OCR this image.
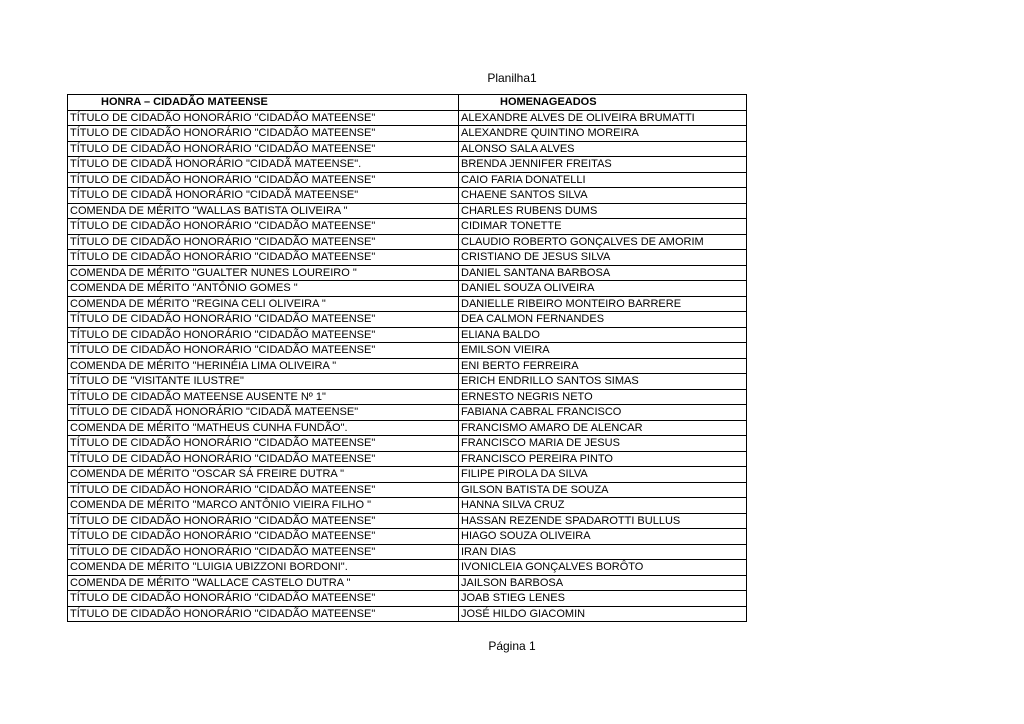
Planilha1
HONRA – CIDADÃO MATEENSE	HOMENAGEADOS
TÍTULO DE CIDADÃO HONORÁRIO "CIDADÃO MATEENSE"	ALEXANDRE ALVES DE OLIVEIRA BRUMATTI
TÍTULO DE CIDADÃO HONORÁRIO "CIDADÃO MATEENSE"	ALEXANDRE QUINTINO MOREIRA
TÍTULO DE CIDADÃO HONORÁRIO "CIDADÃO MATEENSE"	ALONSO SALA ALVES
TÍTULO DE CIDADÃ HONORÁRIO "CIDADÃ MATEENSE".	BRENDA JENNIFER FREITAS
TÍTULO DE CIDADÃO HONORÁRIO "CIDADÃO MATEENSE"	CAIO FARIA DONATELLI
TÍTULO DE CIDADÃ HONORÁRIO "CIDADÃ MATEENSE"	CHAENE SANTOS SILVA
COMENDA DE MÉRITO "WALLAS BATISTA OLIVEIRA "	CHARLES RUBENS DUMS
TÍTULO DE CIDADÃO HONORÁRIO "CIDADÃO MATEENSE"	CIDIMAR TONETTE
TÍTULO DE CIDADÃO HONORÁRIO "CIDADÃO MATEENSE"	CLAUDIO ROBERTO GONÇALVES DE AMORIM
TÍTULO DE CIDADÃO HONORÁRIO "CIDADÃO MATEENSE"	CRISTIANO DE JESUS SILVA
COMENDA DE MÉRITO "GUALTER NUNES LOUREIRO "	DANIEL SANTANA BARBOSA
COMENDA DE MÉRITO "ANTÔNIO GOMES "	DANIEL SOUZA OLIVEIRA
COMENDA DE MÉRITO "REGINA CELI OLIVEIRA "	DANIELLE RIBEIRO MONTEIRO BARRERE
TÍTULO DE CIDADÃO HONORÁRIO "CIDADÃO MATEENSE"	DEA CALMON FERNANDES
TÍTULO DE CIDADÃO HONORÁRIO "CIDADÃO MATEENSE"	ELIANA BALDO
TÍTULO DE CIDADÃO HONORÁRIO "CIDADÃO MATEENSE"	EMILSON VIEIRA
COMENDA DE MÉRITO "HERINÉIA LIMA OLIVEIRA "	ENI BERTO FERREIRA
TÍTULO DE "VISITANTE ILUSTRE"	ERICH ENDRILLO SANTOS SIMAS
TÍTULO DE CIDADÃO MATEENSE AUSENTE Nº 1"	ERNESTO NEGRIS NETO
TÍTULO DE CIDADÃ HONORÁRIO "CIDADÃ MATEENSE"	FABIANA CABRAL FRANCISCO
COMENDA DE MÉRITO "MATHEUS CUNHA FUNDÃO".	FRANCISMO AMARO DE ALENCAR
TÍTULO DE CIDADÃO HONORÁRIO "CIDADÃO MATEENSE"	FRANCISCO MARIA DE JESUS
TÍTULO DE CIDADÃO HONORÁRIO "CIDADÃO MATEENSE"	FRANCISCO PEREIRA PINTO
COMENDA DE MÉRITO "OSCAR SÁ FREIRE DUTRA "	FILIPE PIROLA DA SILVA
TÍTULO DE CIDADÃO HONORÁRIO "CIDADÃO MATEENSE"	GILSON BATISTA DE SOUZA
COMENDA DE MÉRITO "MARCO ANTÔNIO VIEIRA FILHO "	HANNA SILVA CRUZ
TÍTULO DE CIDADÃO HONORÁRIO "CIDADÃO MATEENSE"	HASSAN REZENDE SPADAROTTI BULLUS
TÍTULO DE CIDADÃO HONORÁRIO "CIDADÃO MATEENSE"	HIAGO SOUZA OLIVEIRA
TÍTULO DE CIDADÃO HONORÁRIO "CIDADÃO MATEENSE"	IRAN DIAS
COMENDA DE MÉRITO "LUIGIA UBIZZONI BORDONI".	IVONICLEIA GONÇALVES BORÔTO
COMENDA DE MÉRITO "WALLACE CASTELO DUTRA "	JAILSON BARBOSA
TÍTULO DE CIDADÃO HONORÁRIO "CIDADÃO MATEENSE"	JOAB STIEG LENES
TÍTULO DE CIDADÃO HONORÁRIO "CIDADÃO MATEENSE"	JOSÉ HILDO GIACOMIN
Página 1
